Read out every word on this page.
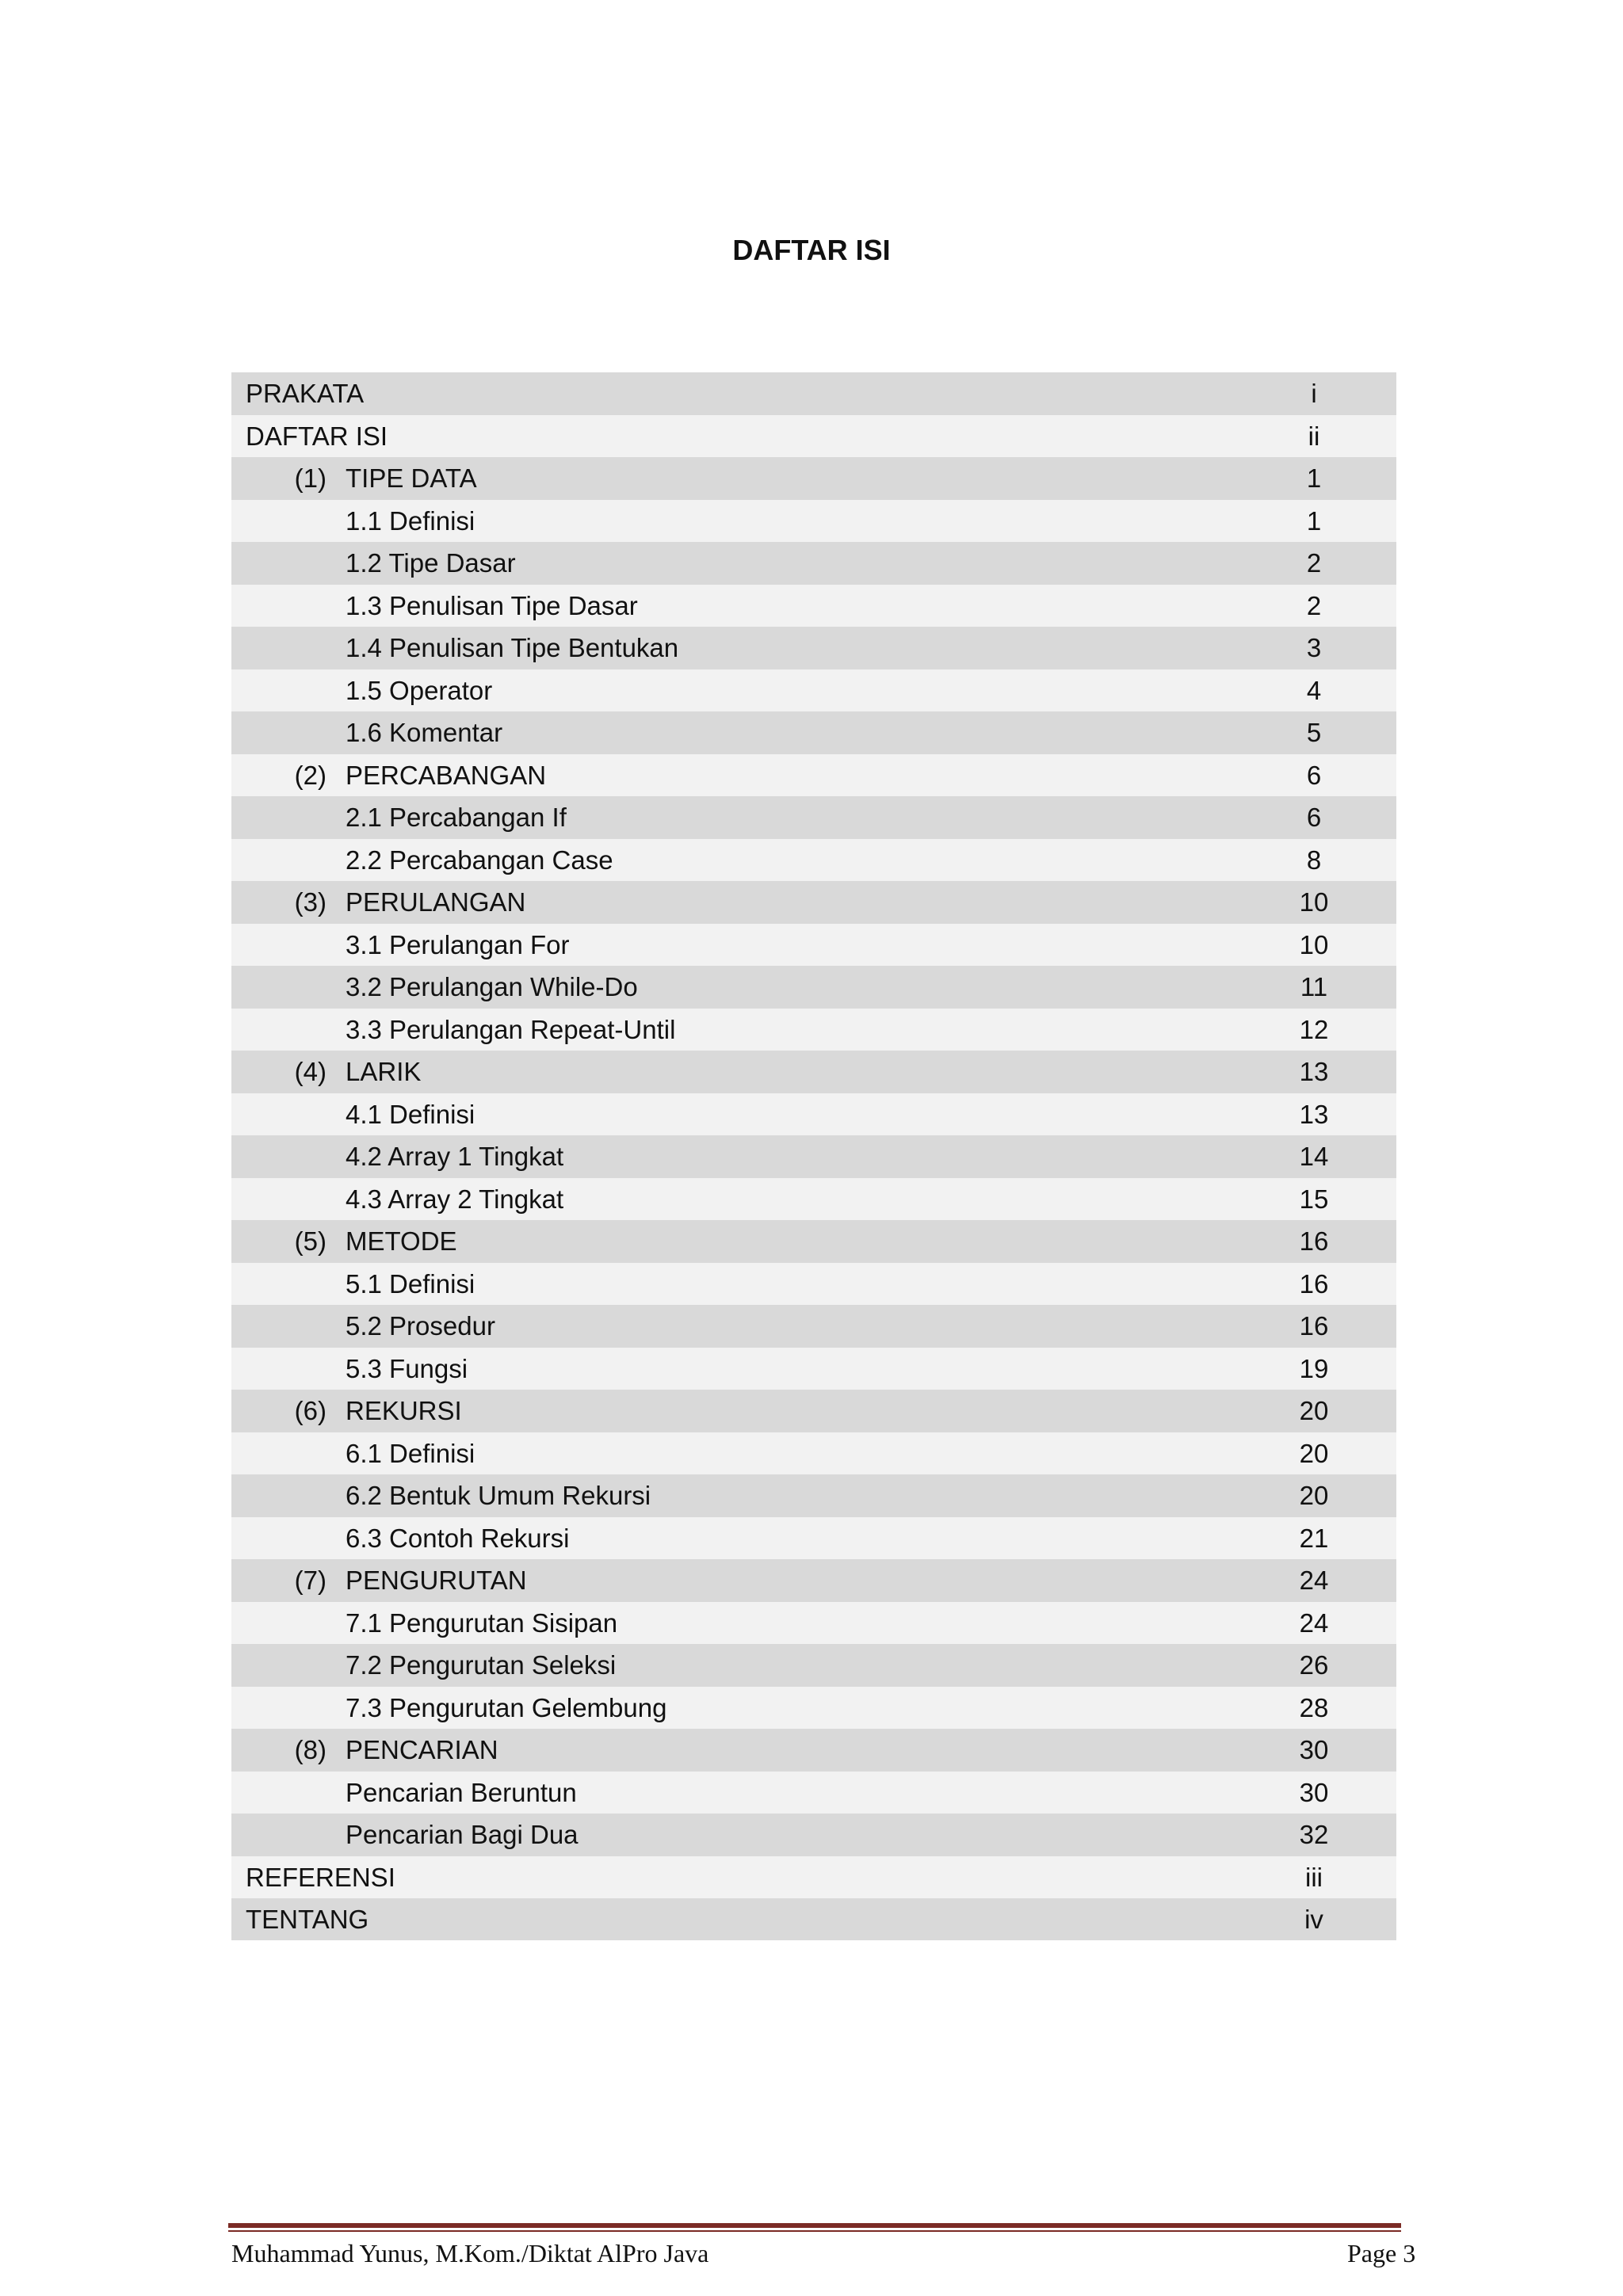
DAFTAR ISI
PRAKATA	i
DAFTAR ISI	ii
(1) TIPE DATA	1
1.1 Definisi	1
1.2 Tipe Dasar	2
1.3 Penulisan Tipe Dasar	2
1.4 Penulisan Tipe Bentukan	3
1.5 Operator	4
1.6 Komentar	5
(2) PERCABANGAN	6
2.1 Percabangan If	6
2.2 Percabangan Case	8
(3) PERULANGAN	10
3.1 Perulangan For	10
3.2 Perulangan While-Do	11
3.3 Perulangan Repeat-Until	12
(4) LARIK	13
4.1 Definisi	13
4.2 Array 1 Tingkat	14
4.3 Array 2 Tingkat	15
(5) METODE	16
5.1 Definisi	16
5.2 Prosedur	16
5.3 Fungsi	19
(6) REKURSI	20
6.1 Definisi	20
6.2 Bentuk Umum Rekursi	20
6.3 Contoh Rekursi	21
(7) PENGURUTAN	24
7.1 Pengurutan Sisipan	24
7.2 Pengurutan Seleksi	26
7.3 Pengurutan Gelembung	28
(8) PENCARIAN	30
Pencarian Beruntun	30
Pencarian Bagi Dua	32
REFERENSI	iii
TENTANG	iv
Muhammad Yunus, M.Kom./Diktat AlPro Java	Page 3
